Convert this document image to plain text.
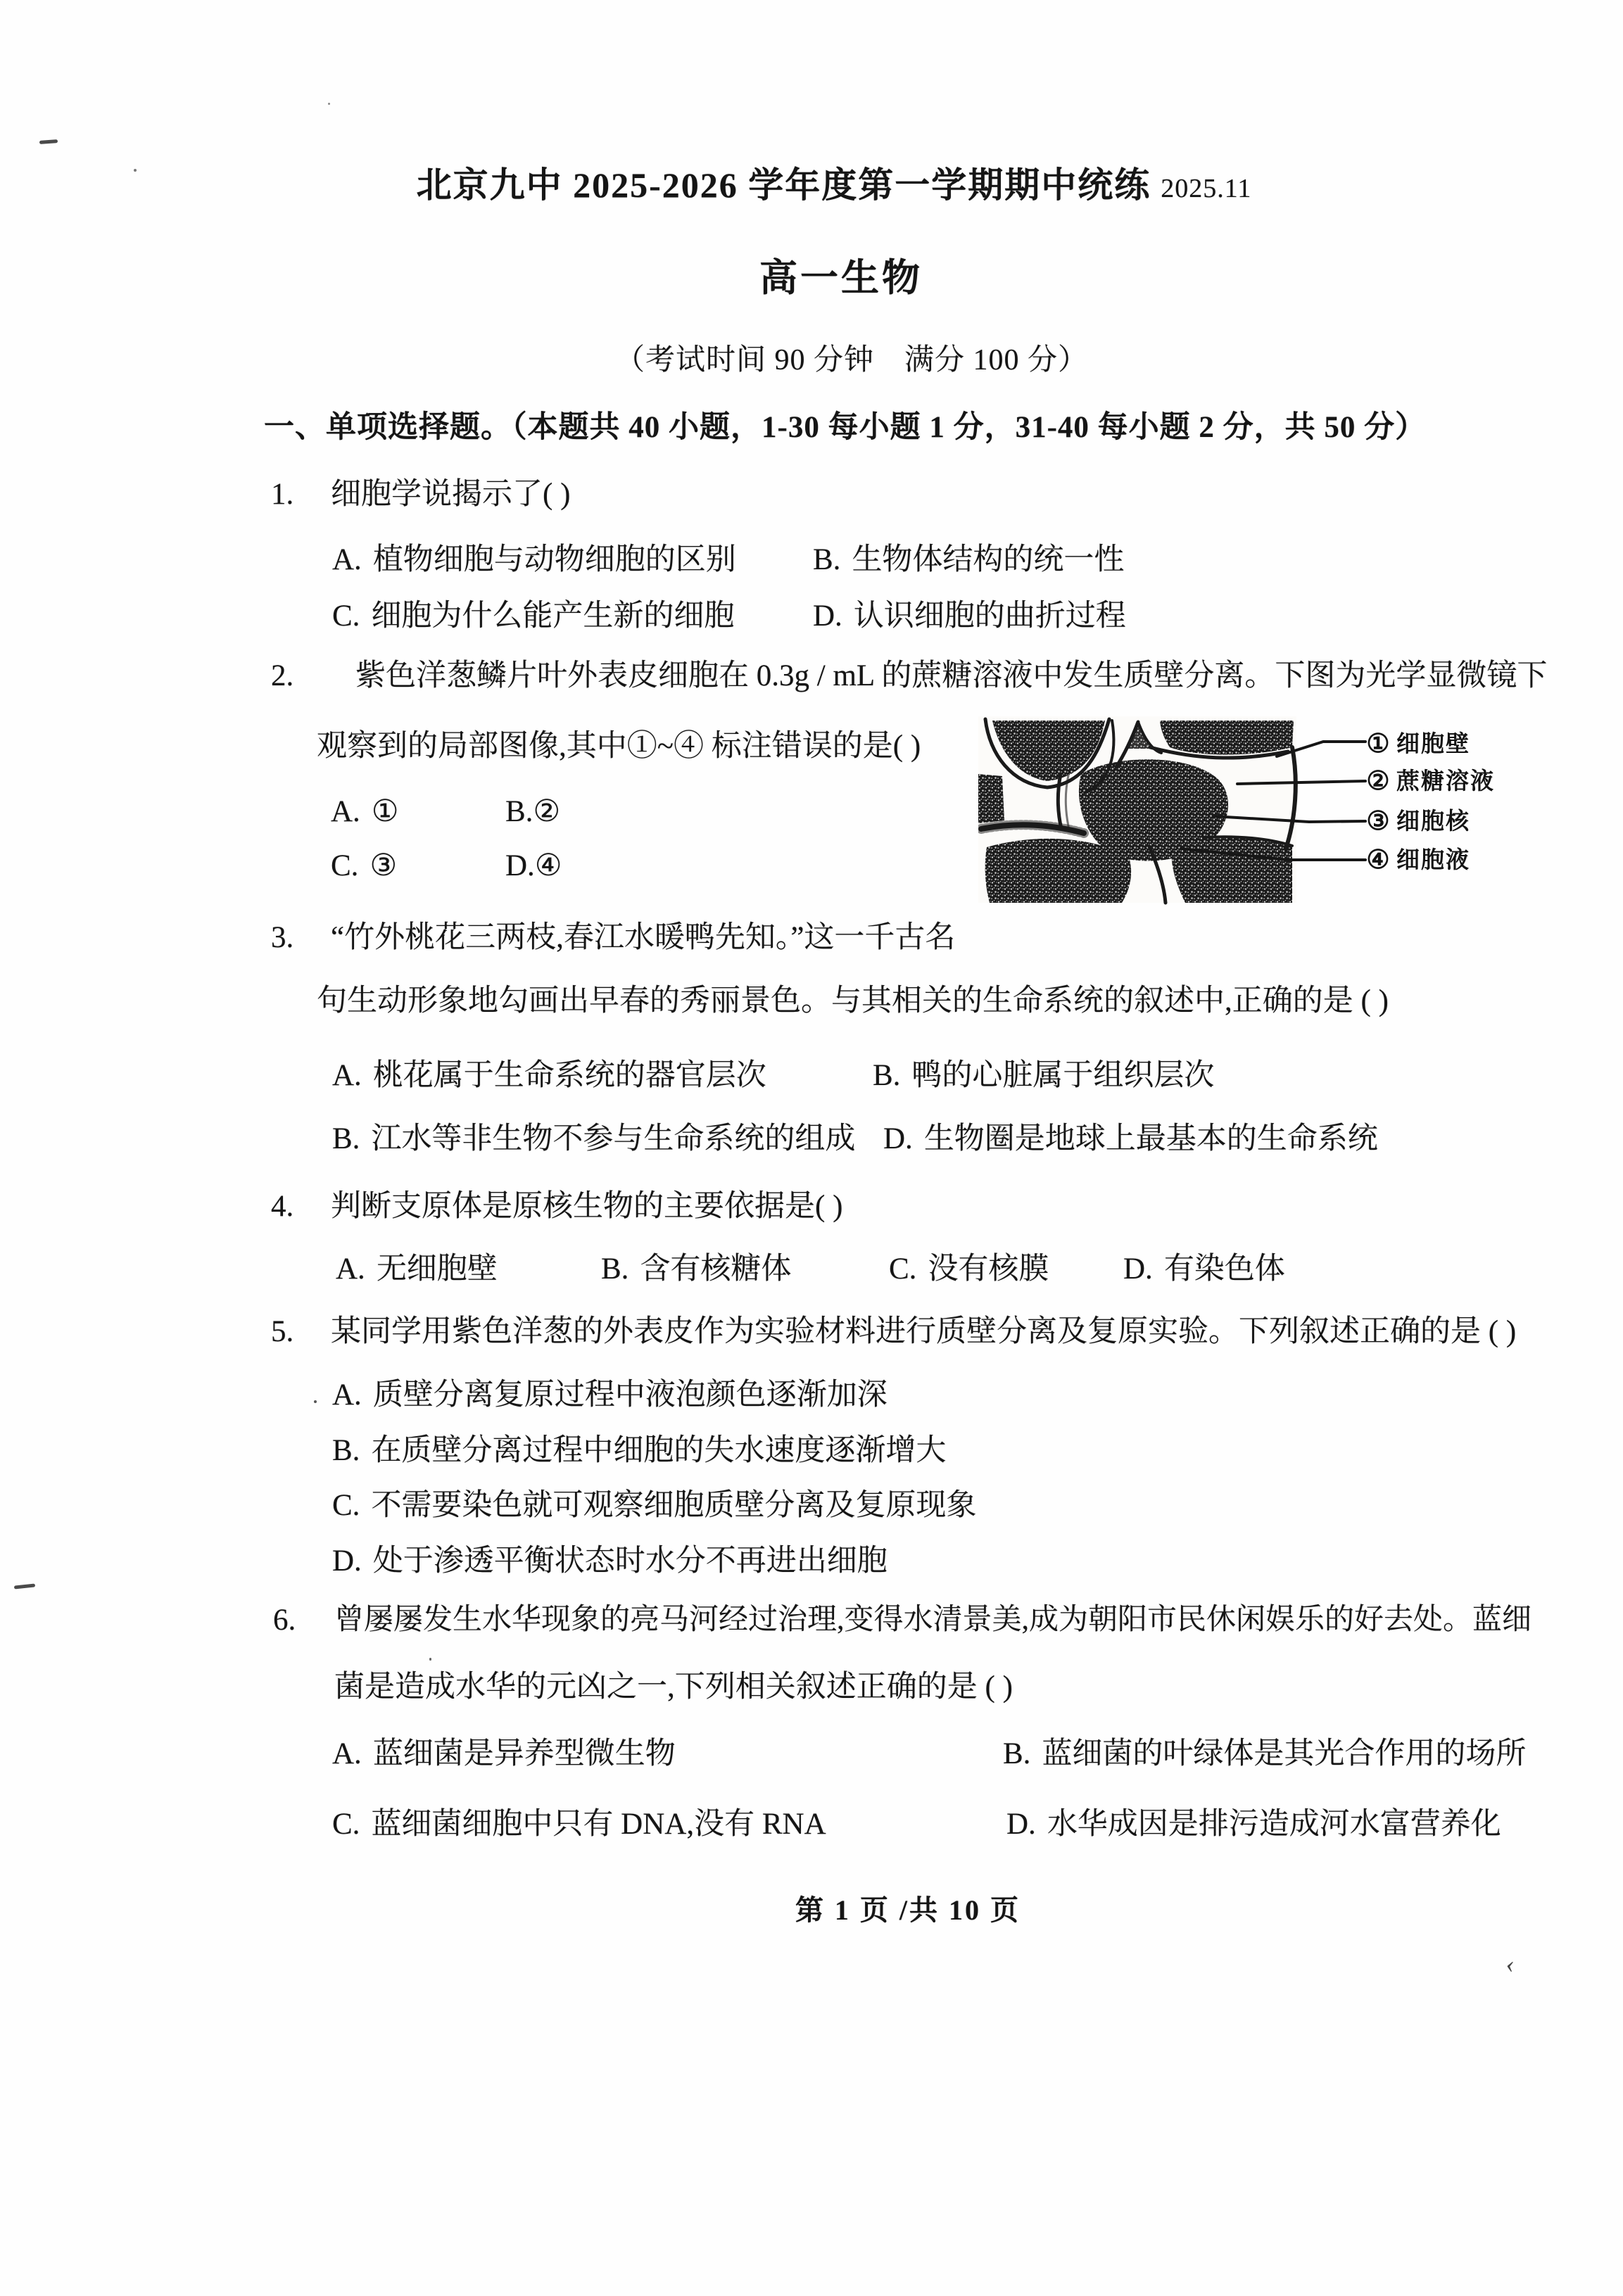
北京九中 2025-2026 学年度第一学期期中统练 2025.11
高一生物
（考试时间 90 分钟　满分 100 分）
一、单项选择题。（本题共 40 小题，1-30 每小题 1 分，31-40 每小题 2 分，共 50 分）
1. 细胞学说揭示了( )
A. 植物细胞与动物细胞的区别	B. 生物体结构的统一性
C. 细胞为什么能产生新的细胞	D. 认识细胞的曲折过程
2. 紫色洋葱鳞片叶外表皮细胞在 0.3g / mL 的蔗糖溶液中发生质壁分离。下图为光学显微镜下
观察到的局部图像,其中①~④ 标注错误的是( )
A. ①	B.②
C. ③	D.④
① 细胞壁
② 蔗糖溶液
③ 细胞核
④ 细胞液
3. “竹外桃花三两枝,春江水暖鸭先知。”这一千古名
句生动形象地勾画出早春的秀丽景色。与其相关的生命系统的叙述中,正确的是 ( )
A. 桃花属于生命系统的器官层次	B. 鸭的心脏属于组织层次
B. 江水等非生物不参与生命系统的组成 D. 生物圈是地球上最基本的生命系统
4. 判断支原体是原核生物的主要依据是( )
A. 无细胞壁	B. 含有核糖体	C. 没有核膜 D. 有染色体
5. 某同学用紫色洋葱的外表皮作为实验材料进行质壁分离及复原实验。下列叙述正确的是 ( )
A. 质壁分离复原过程中液泡颜色逐渐加深
B. 在质壁分离过程中细胞的失水速度逐渐增大
C. 不需要染色就可观察细胞质壁分离及复原现象
D. 处于渗透平衡状态时水分不再进出细胞
6. 曾屡屡发生水华现象的亮马河经过治理,变得水清景美,成为朝阳市民休闲娱乐的好去处。蓝细
菌是造成水华的元凶之一,下列相关叙述正确的是 ( )
A. 蓝细菌是异养型微生物	B. 蓝细菌的叶绿体是其光合作用的场所
C. 蓝细菌细胞中只有 DNA,没有 RNA	D. 水华成因是排污造成河水富营养化
第 1 页 /共 10 页
‹
